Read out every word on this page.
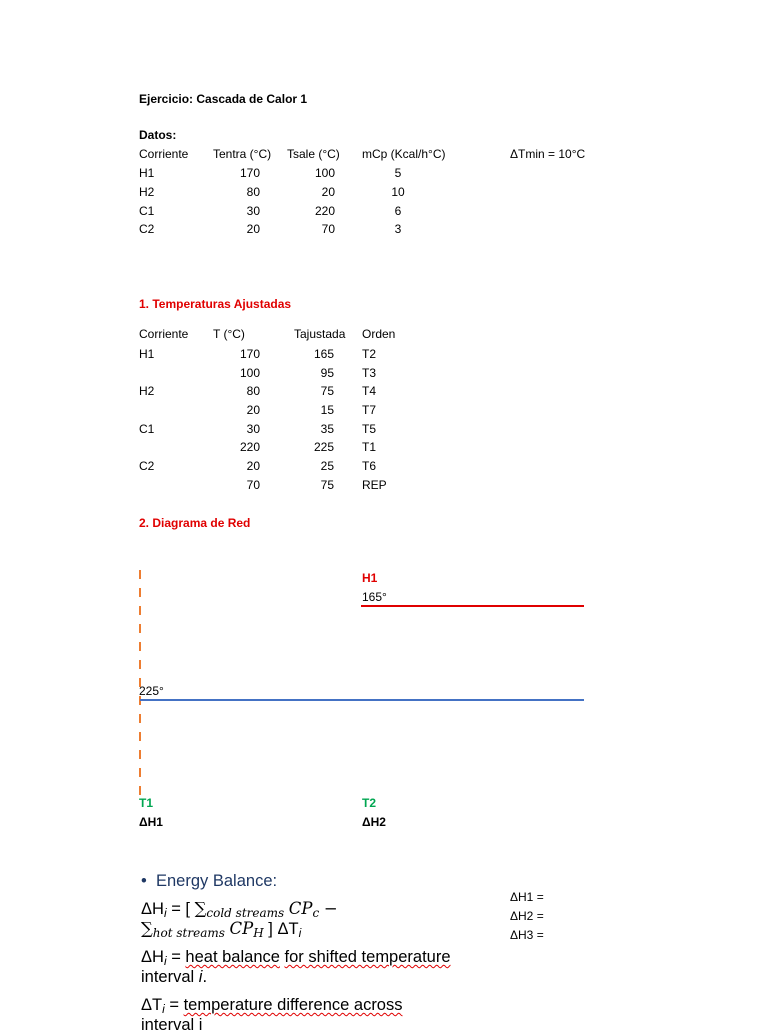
Ejercicio: Cascada de Calor 1
Datos:
Corriente Tentra (°C) Tsale (°C) mCp (Kcal/h°C)	ΔTmin = 10°C
H1	170	100	5
H2	80	20	10
C1	30	220	6
C2	20	70	3
1. Temperaturas Ajustadas
Corriente T (°C)	Tajustada Orden
H1	170	165 T2
100	95 T3
H2	80	75 T4
20	15 T7
C1	30	35 T5
220	225 T1
C2	20	25 T6
70	75 REP
2. Diagrama de Red
H1
165°
225°
T1	T2
ΔH1	ΔH2
• Energy Balance:
$\Delta H_i$ = [ $\sum_{cold streams}$ $CP_c$ −
$\sum_{hot streams}$ $CP_H$ ] $\Delta T_i$
$\Delta H_i$ = heat balance for shifted temperature
interval i.
$\Delta T_i$ = temperature difference across
interval i
ΔH1 =
ΔH2 =
ΔH3 =
